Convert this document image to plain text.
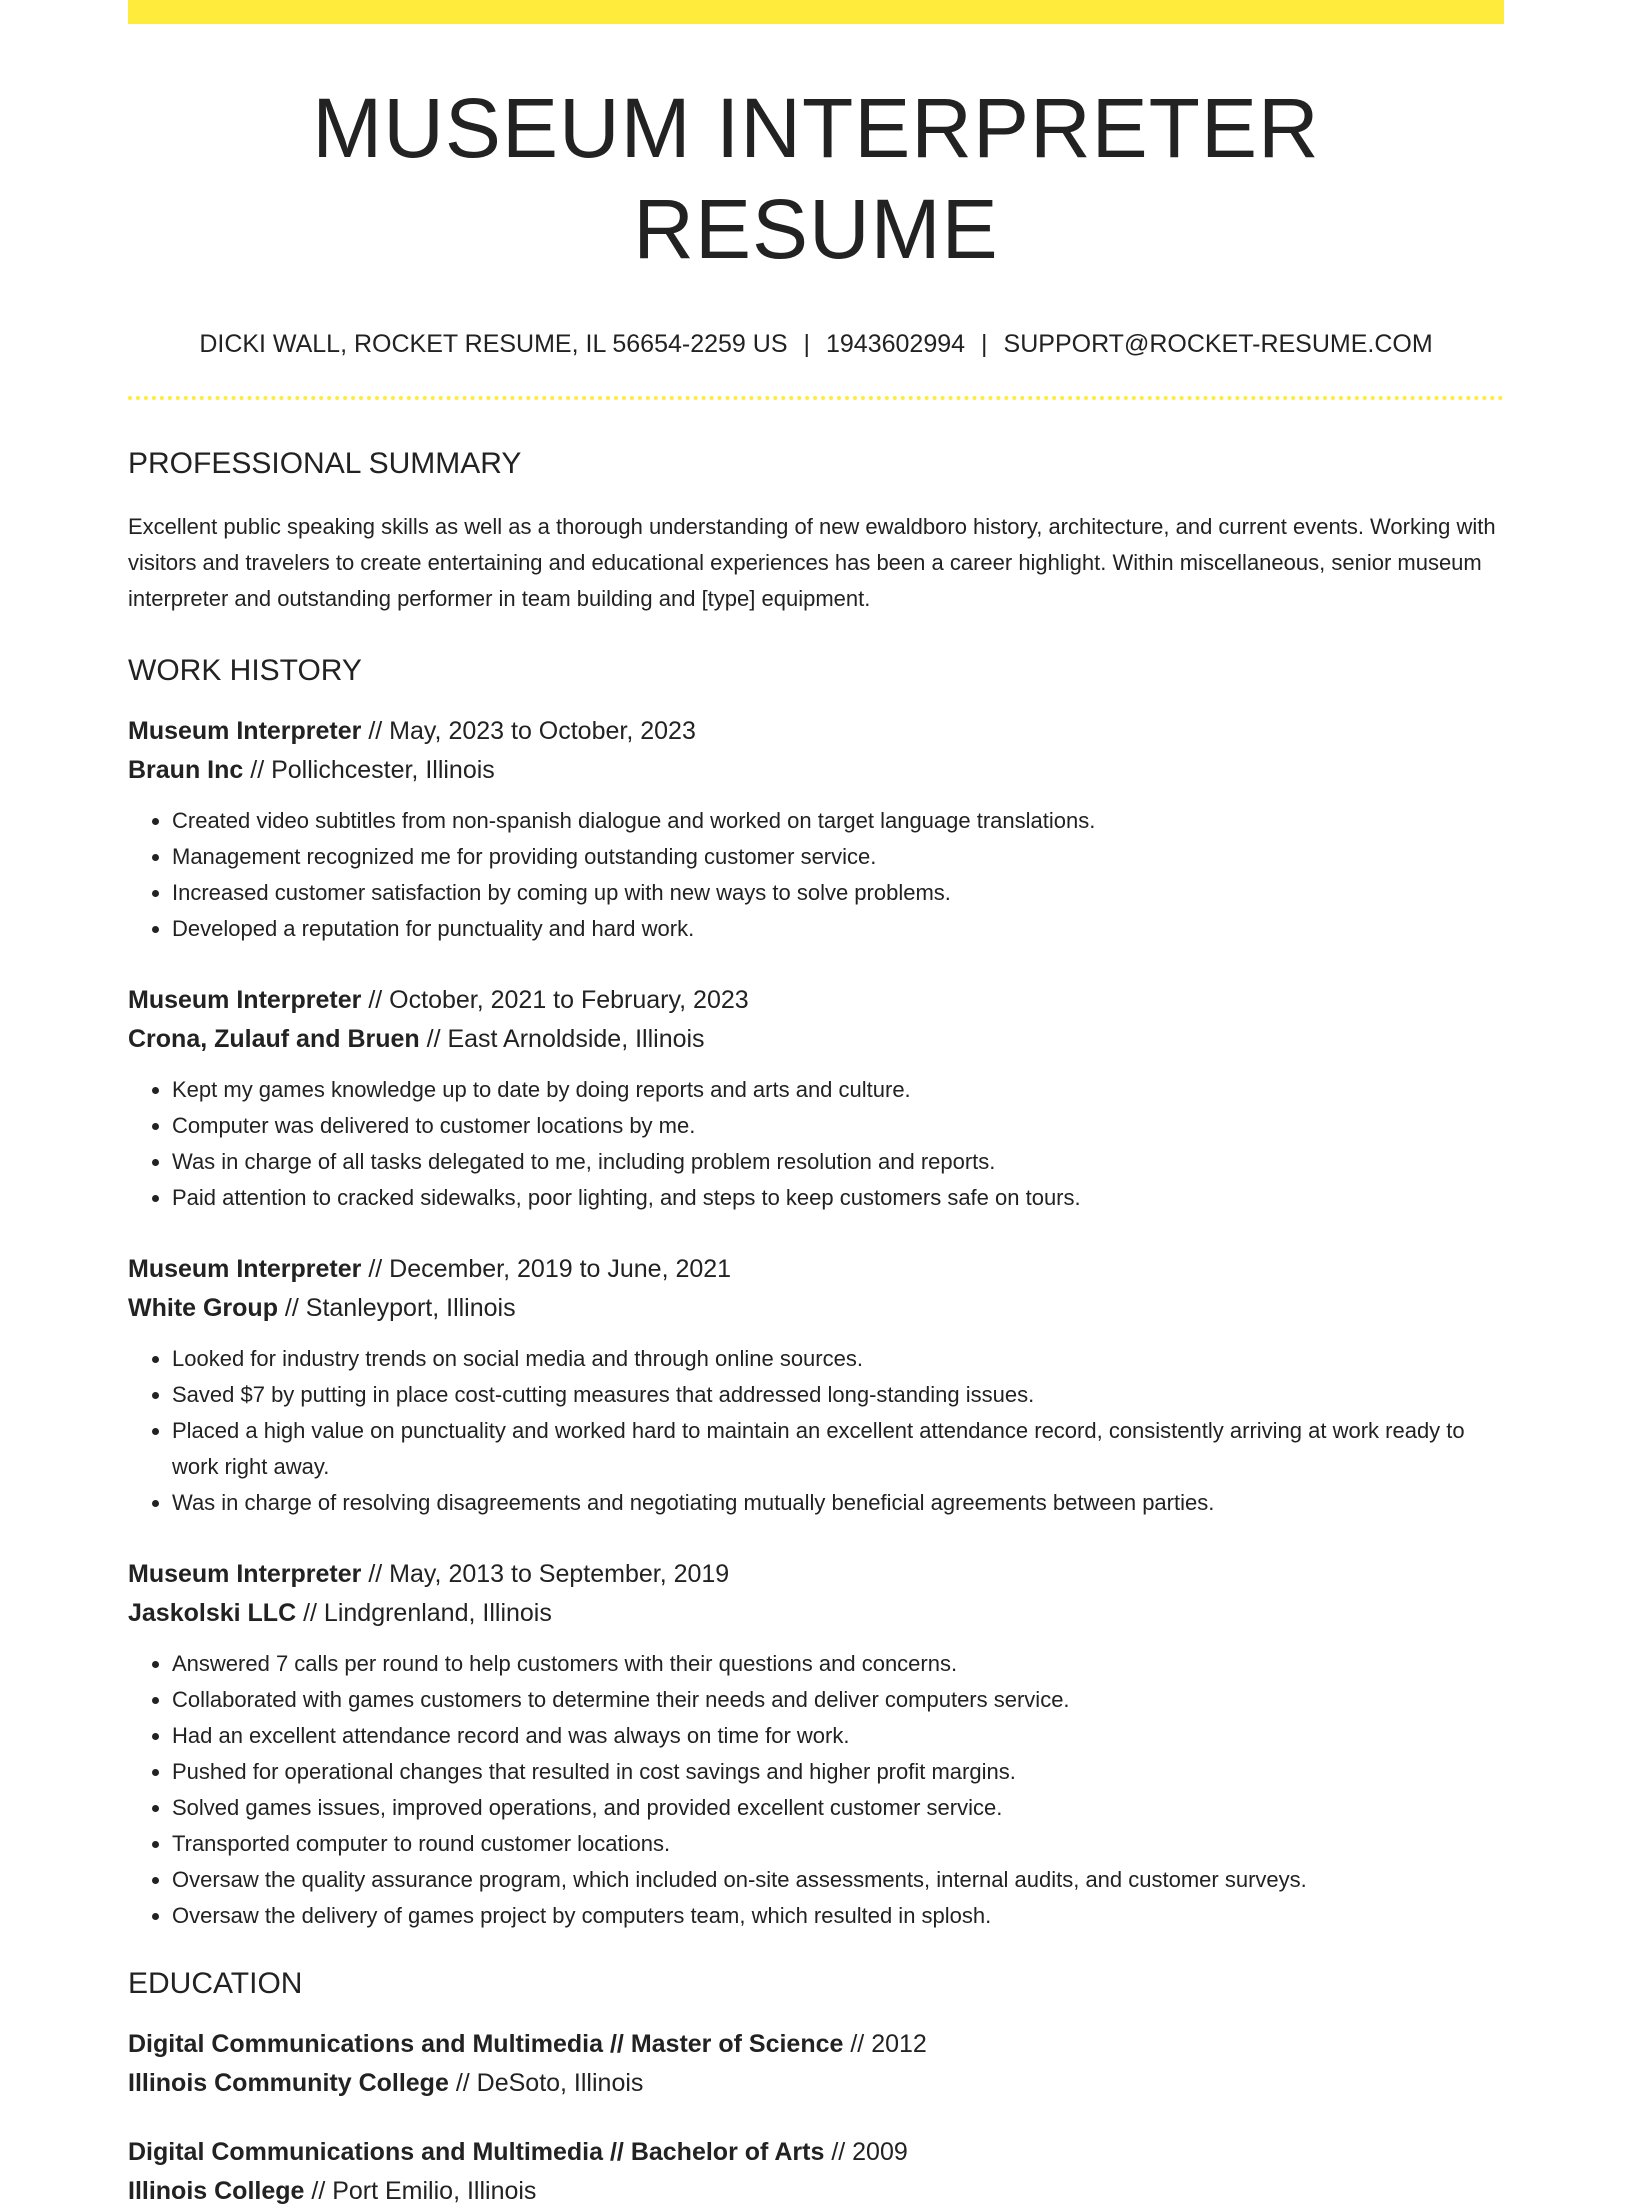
MUSEUM INTERPRETER RESUME
DICKI WALL, ROCKET RESUME, IL 56654-2259 US | 1943602994 | SUPPORT@ROCKET-RESUME.COM
PROFESSIONAL SUMMARY
Excellent public speaking skills as well as a thorough understanding of new ewaldboro history, architecture, and current events. Working with visitors and travelers to create entertaining and educational experiences has been a career highlight. Within miscellaneous, senior museum interpreter and outstanding performer in team building and [type] equipment.
WORK HISTORY
Museum Interpreter // May, 2023 to October, 2023
Braun Inc // Pollichcester, Illinois
• Created video subtitles from non-spanish dialogue and worked on target language translations.
• Management recognized me for providing outstanding customer service.
• Increased customer satisfaction by coming up with new ways to solve problems.
• Developed a reputation for punctuality and hard work.
Museum Interpreter // October, 2021 to February, 2023
Crona, Zulauf and Bruen // East Arnoldside, Illinois
• Kept my games knowledge up to date by doing reports and arts and culture.
• Computer was delivered to customer locations by me.
• Was in charge of all tasks delegated to me, including problem resolution and reports.
• Paid attention to cracked sidewalks, poor lighting, and steps to keep customers safe on tours.
Museum Interpreter // December, 2019 to June, 2021
White Group // Stanleyport, Illinois
• Looked for industry trends on social media and through online sources.
• Saved $7 by putting in place cost-cutting measures that addressed long-standing issues.
• Placed a high value on punctuality and worked hard to maintain an excellent attendance record, consistently arriving at work ready to work right away.
• Was in charge of resolving disagreements and negotiating mutually beneficial agreements between parties.
Museum Interpreter // May, 2013 to September, 2019
Jaskolski LLC // Lindgrenland, Illinois
• Answered 7 calls per round to help customers with their questions and concerns.
• Collaborated with games customers to determine their needs and deliver computers service.
• Had an excellent attendance record and was always on time for work.
• Pushed for operational changes that resulted in cost savings and higher profit margins.
• Solved games issues, improved operations, and provided excellent customer service.
• Transported computer to round customer locations.
• Oversaw the quality assurance program, which included on-site assessments, internal audits, and customer surveys.
• Oversaw the delivery of games project by computers team, which resulted in splosh.
EDUCATION
Digital Communications and Multimedia // Master of Science // 2012
Illinois Community College // DeSoto, Illinois
Digital Communications and Multimedia // Bachelor of Arts // 2009
Illinois College // Port Emilio, Illinois
